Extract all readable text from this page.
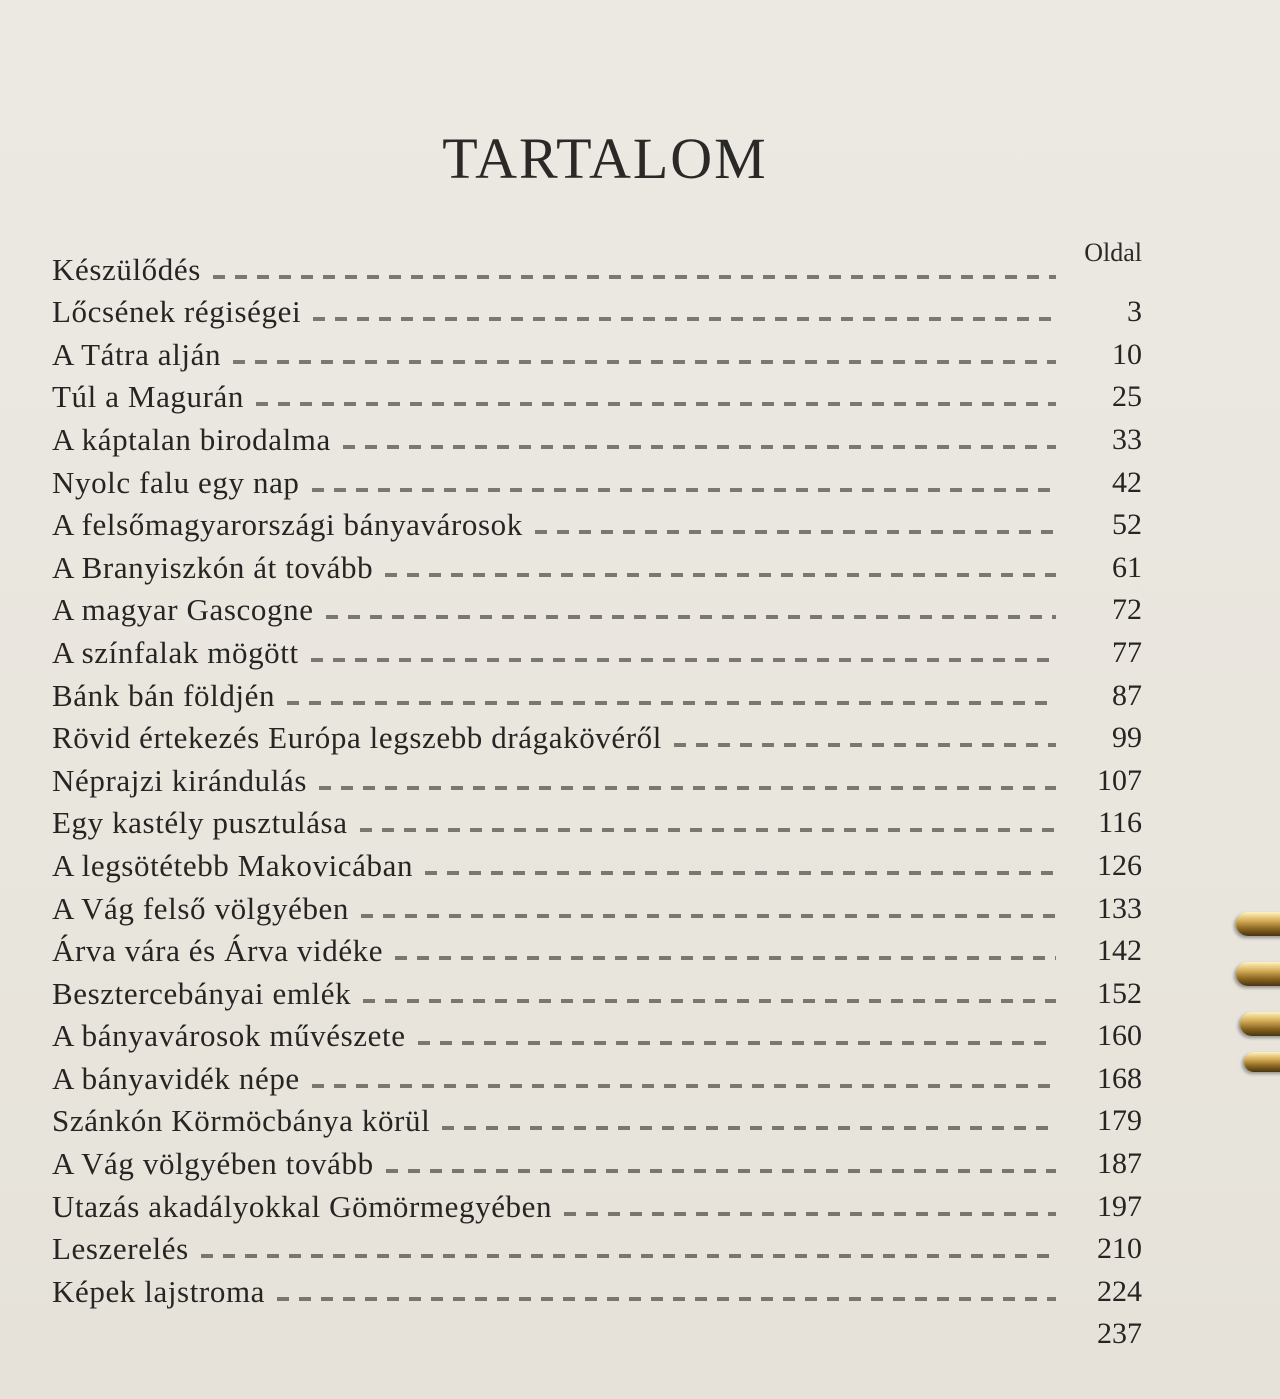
TARTALOM
Oldal
Készülődés
Lőcsének régiségei	3
A Tátra alján	10
Túl a Magurán	25
A káptalan birodalma	33
Nyolc falu egy nap	42
A felsőmagyarországi bányavárosok	52
A Branyiszkón át tovább	61
A magyar Gascogne	72
A színfalak mögött	77
Bánk bán földjén	87
Rövid értekezés Európa legszebb drágakövéről	99
Néprajzi kirándulás	107
Egy kastély pusztulása	116
A legsötétebb Makovicában	126
A Vág felső völgyében	133
Árva vára és Árva vidéke	142
Besztercebányai emlék	152
A bányavárosok művészete	160
A bányavidék népe	168
Szánkón Körmöcbánya körül	179
A Vág völgyében tovább	187
Utazás akadályokkal Gömörmegyében	197
Leszerelés	210
Képek lajstroma	224
237
